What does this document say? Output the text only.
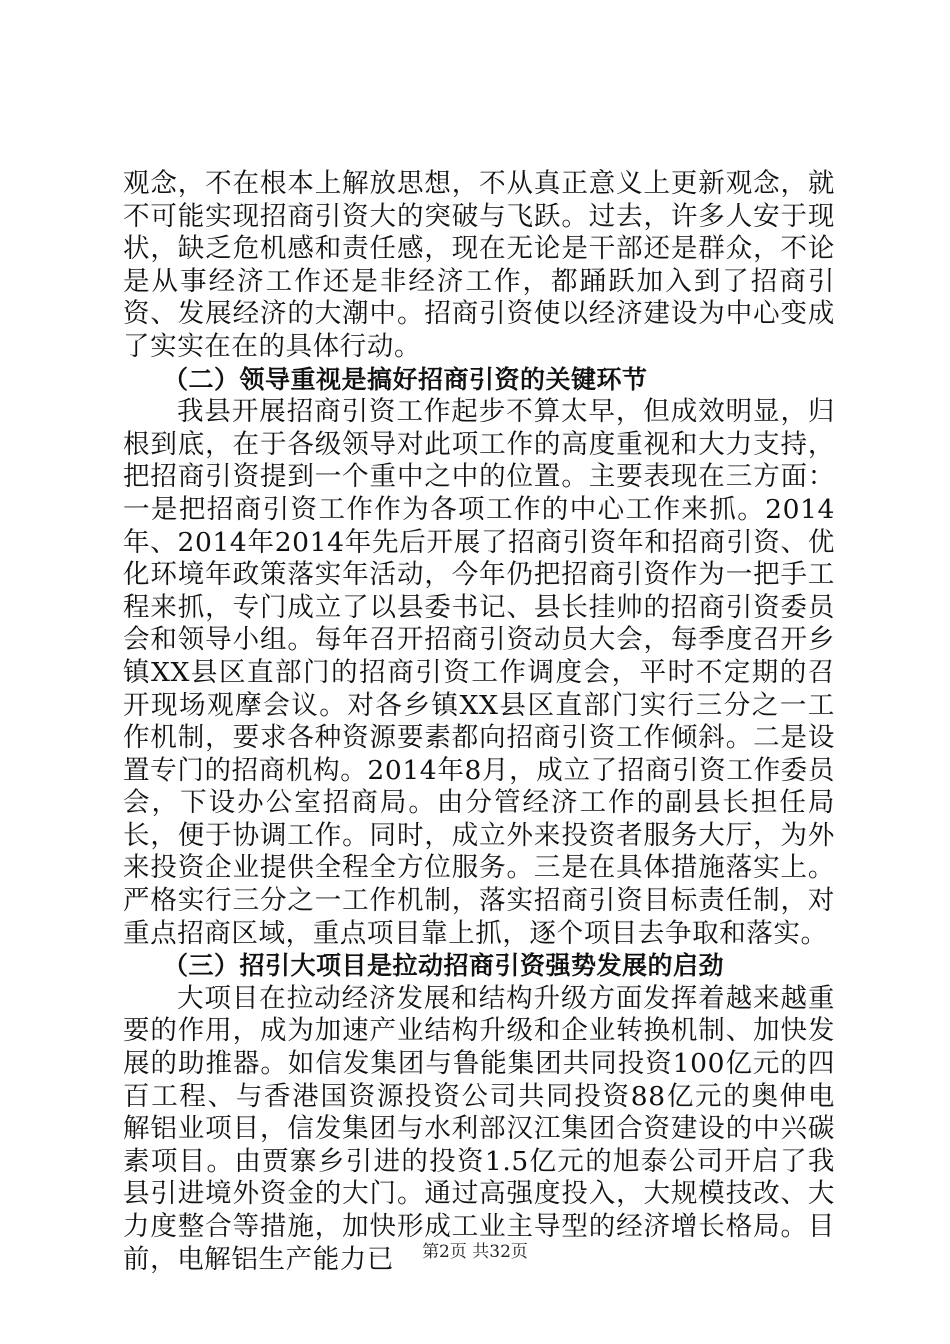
观念，不在根本上解放思想，不从真正意义上更新观念，就不可能实现招商引资大的突破与飞跃。过去，许多人安于现状，缺乏危机感和责任感，现在无论是干部还是群众，不论是从事经济工作还是非经济工作，都踊跃加入到了招商引资、发展经济的大潮中。招商引资使以经济建设为中心变成了实实在在的具体行动。

（二）领导重视是搞好招商引资的关键环节

我县开展招商引资工作起步不算太早，但成效明显，归根到底，在于各级领导对此项工作的高度重视和大力支持，把招商引资提到一个重中之中的位置。主要表现在三方面：一是把招商引资工作作为各项工作的中心工作来抓。2014年、2014年2014年先后开展了招商引资年和招商引资、优化环境年政策落实年活动，今年仍把招商引资作为一把手工程来抓，专门成立了以县委书记、县长挂帅的招商引资委员会和领导小组。每年召开招商引资动员大会，每季度召开乡镇XX县区直部门的招商引资工作调度会，平时不定期的召开现场观摩会议。对各乡镇XX县区直部门实行三分之一工作机制，要求各种资源要素都向招商引资工作倾斜。二是设置专门的招商机构。2014年8月，成立了招商引资工作委员会，下设办公室招商局。由分管经济工作的副县长担任局长，便于协调工作。同时，成立外来投资者服务大厅，为外来投资企业提供全程全方位服务。三是在具体措施落实上。严格实行三分之一工作机制，落实招商引资目标责任制，对重点招商区域，重点项目靠上抓，逐个项目去争取和落实。

（三）招引大项目是拉动招商引资强势发展的启劲

大项目在拉动经济发展和结构升级方面发挥着越来越重要的作用，成为加速产业结构升级和企业转换机制、加快发展的助推器。如信发集团与鲁能集团共同投资100亿元的四百工程、与香港国资源投资公司共同投资88亿元的奥伸电解铝业项目，信发集团与水利部汉江集团合资建设的中兴碳素项目。由贾寨乡引进的投资1.5亿元的旭泰公司开启了我县引进境外资金的大门。通过高强度投入，大规模技改、大力度整合等措施，加快形成工业主导型的经济增长格局。目前，电解铝生产能力已	第2页 共32页
